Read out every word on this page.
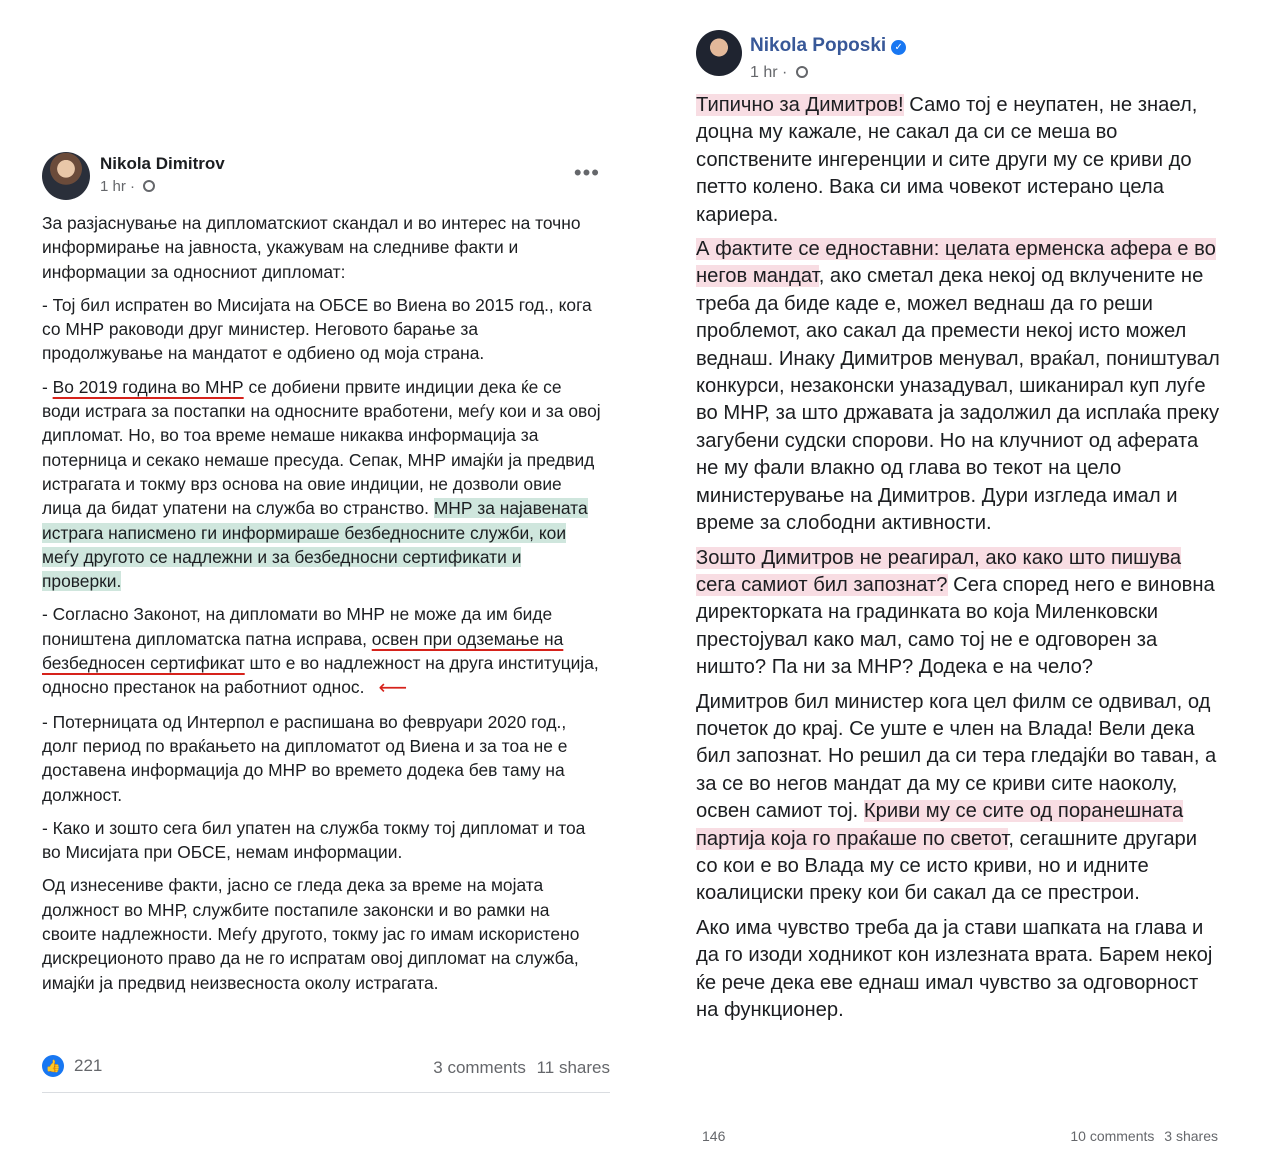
Nikola Dimitrov
1 hr ·
•••

За разјаснување на дипломатскиот скандал и во интерес на точно информирање на јавноста, укажувам на следниве факти и информации за односниот дипломат:

- Тој бил испратен во Мисијата на ОБСЕ во Виена во 2015 год., кога со МНР раководи друг министер. Неговото барање за продолжување на мандатот е одбиено од моја страна.

- Во 2019 година во МНР се добиени првите индиции дека ќе се води истрага за постапки на односните вработени, меѓу кои и за овој дипломат. Но, во тоа време немаше никаква информација за потерница и секако немаше пресуда. Сепак, МНР имајќи ја предвид истрагата и токму врз основа на овие индиции, не дозволи овие лица да бидат упатени на служба во странство. МНР за најавената истрага написмено ги информираше безбедносните служби, кои меѓу другото се надлежни и за безбедносни сертификати и проверки.

- Согласно Законот, на дипломати во МНР не може да им биде поништена дипломатска патна исправа, освен при одземање на безбедносен сертификат што е во надлежност на друга институција, односно престанок на работниот однос. ⟵

- Потерницата од Интерпол е распишана во февруари 2020 год., долг период по враќањето на дипломатот од Виена и за тоа не е доставена информација до МНР во времето додека бев таму на должност.

- Како и зошто сега бил упатен на служба токму тој дипломат и тоа во Мисијата при ОБСЕ, немам информации.

Од изнесениве факти, јасно се гледа дека за време на мојата должност во МНР, службите постапиле законски и во рамки на своите надлежности. Меѓу другото, токму јас го имам искористено дискреционото право да не го испратам овој дипломат на служба, имајќи ја предвид неизвесноста околу истрагата.

👍 221	3 comments 11 shares
Nikola Poposki ✓
1 hr ·

Типично за Димитров! Само тој е неупатен, не знаел, доцна му кажале, не сакал да си се меша во сопствените ингеренции и сите други му се криви до петто колено. Вака си има човекот истерано цела кариера.

А фактите се едноставни: целата ерменска афера е во негов мандат, ако сметал дека некој од вклучените не треба да биде каде е, можел веднаш да го реши проблемот, ако сакал да премести некој исто можел веднаш. Инаку Димитров менувал, враќал, поништувал конкурси, незаконски уназадувал, шиканирал куп луѓе во МНР, за што државата ја задолжил да исплаќа преку загубени судски спорови. Но на клучниот од аферата не му фали влакно од глава во текот на цело министерување на Димитров. Дури изгледа имал и време за слободни активности.

Зошто Димитров не реагирал, ако како што пишува сега самиот бил запознат? Сега според него е виновна директорката на градинката во која Миленковски престојувал како мал, само тој не е одговорен за ништо? Па ни за МНР? Додека е на чело?

Димитров бил министер кога цел филм се одвивал, од почеток до крај. Се уште е член на Влада! Вели дека бил запознат. Но решил да си тера гледајќи во таван, а за се во негов мандат да му се криви сите наоколу, освен самиот тој. Криви му се сите од поранешната партија која го праќаше по светот, сегашните другари со кои е во Влада му се исто криви, но и идните коалициски преку кои би сакал да се престрои.

Ако има чувство треба да ја стави шапката на глава и да го изоди ходникот кон излезната врата. Барем некој ќе рече дека еве еднаш имал чувство за одговорност на функционер.

146	10 comments 3 shares
